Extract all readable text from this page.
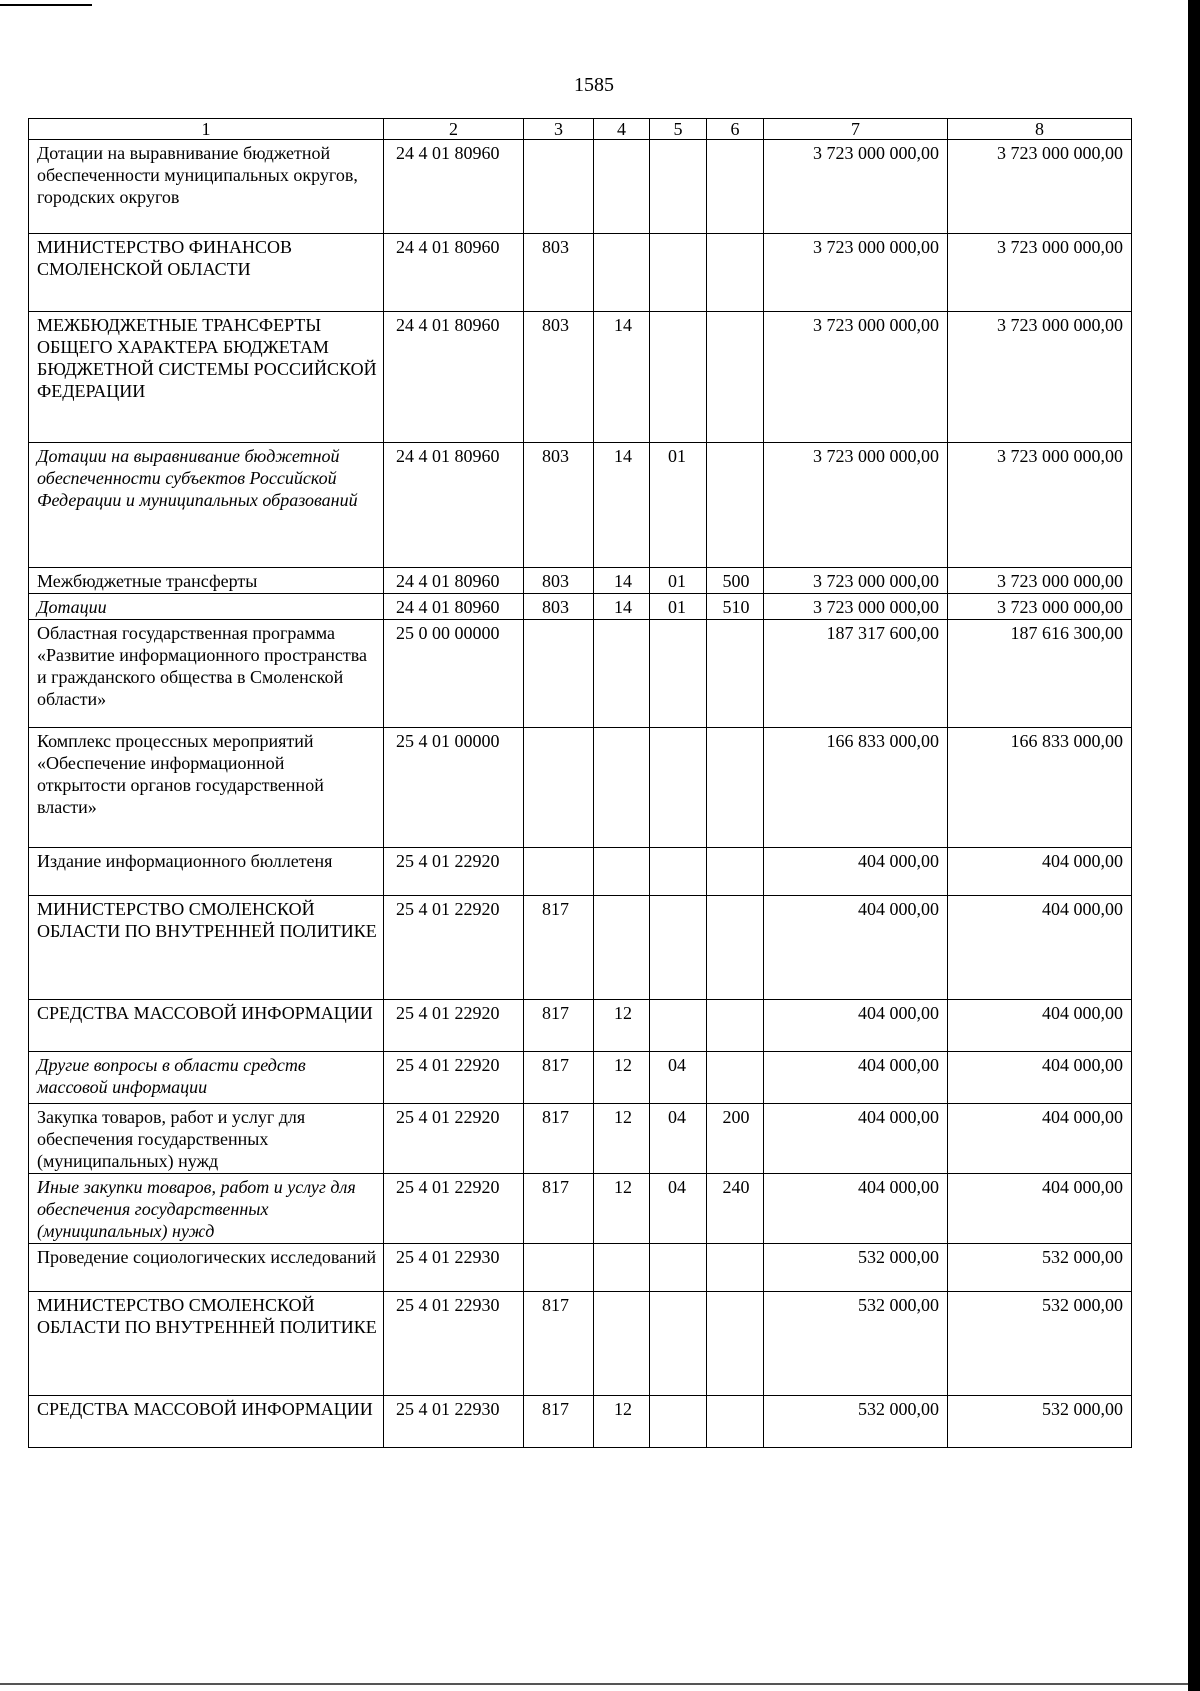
1585
1	2	3	4	5	6	7	8
Дотации на выравнивание бюджетной обеспеченности муниципальных округов, городских округов	24 4 01 80960					3 723 000 000,00	3 723 000 000,00
МИНИСТЕРСТВО ФИНАНСОВ СМОЛЕНСКОЙ ОБЛАСТИ	24 4 01 80960	803				3 723 000 000,00	3 723 000 000,00
МЕЖБЮДЖЕТНЫЕ ТРАНСФЕРТЫ ОБЩЕГО ХАРАКТЕРА БЮДЖЕТАМ БЮДЖЕТНОЙ СИСТЕМЫ РОССИЙСКОЙ ФЕДЕРАЦИИ	24 4 01 80960	803	14			3 723 000 000,00	3 723 000 000,00
Дотации на выравнивание бюджетной обеспеченности субъектов Российской Федерации и муниципальных образований	24 4 01 80960	803	14	01		3 723 000 000,00	3 723 000 000,00
Межбюджетные трансферты	24 4 01 80960	803	14	01	500	3 723 000 000,00	3 723 000 000,00
Дотации	24 4 01 80960	803	14	01	510	3 723 000 000,00	3 723 000 000,00
Областная государственная программа «Развитие информационного пространства и гражданского общества в Смоленской области»	25 0 00 00000					187 317 600,00	187 616 300,00
Комплекс процессных мероприятий «Обеспечение информационной открытости органов государственной власти»	25 4 01 00000					166 833 000,00	166 833 000,00
Издание информационного бюллетеня	25 4 01 22920					404 000,00	404 000,00
МИНИСТЕРСТВО СМОЛЕНСКОЙ ОБЛАСТИ ПО ВНУТРЕННЕЙ ПОЛИТИКЕ	25 4 01 22920	817				404 000,00	404 000,00
СРЕДСТВА МАССОВОЙ ИНФОРМАЦИИ	25 4 01 22920	817	12			404 000,00	404 000,00
Другие вопросы в области средств массовой информации	25 4 01 22920	817	12	04		404 000,00	404 000,00
Закупка товаров, работ и услуг для обеспечения государственных (муниципальных) нужд	25 4 01 22920	817	12	04	200	404 000,00	404 000,00
Иные закупки товаров, работ и услуг для обеспечения государственных (муниципальных) нужд	25 4 01 22920	817	12	04	240	404 000,00	404 000,00
Проведение социологических исследований	25 4 01 22930					532 000,00	532 000,00
МИНИСТЕРСТВО СМОЛЕНСКОЙ ОБЛАСТИ ПО ВНУТРЕННЕЙ ПОЛИТИКЕ	25 4 01 22930	817				532 000,00	532 000,00
СРЕДСТВА МАССОВОЙ ИНФОРМАЦИИ	25 4 01 22930	817	12			532 000,00	532 000,00
